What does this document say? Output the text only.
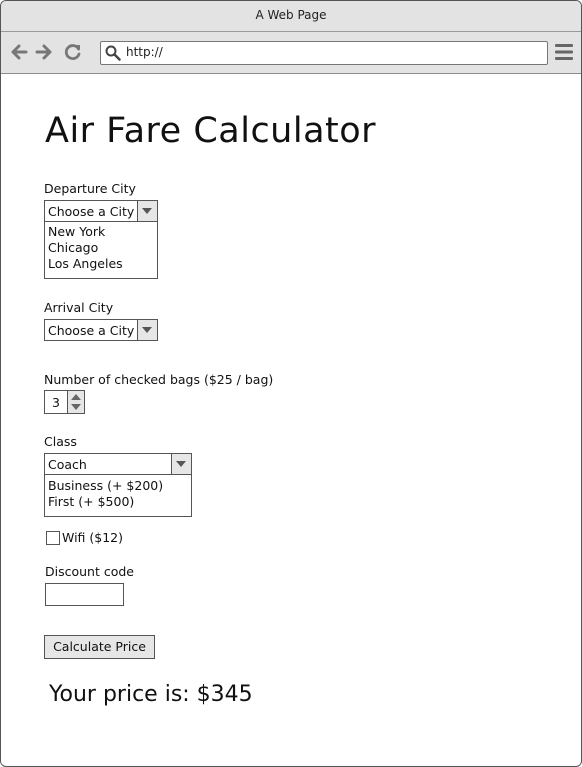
A Web Page
http://
Air Fare Calculator
Departure City
Choose a City
New York
Chicago
Los Angeles
Arrival City
Choose a City
Number of checked bags ($25 / bag)
3
Class
Coach
Business (+ $200)
First (+ $500)
Wifi ($12)
Discount code
Calculate Price
Your price is: $345
